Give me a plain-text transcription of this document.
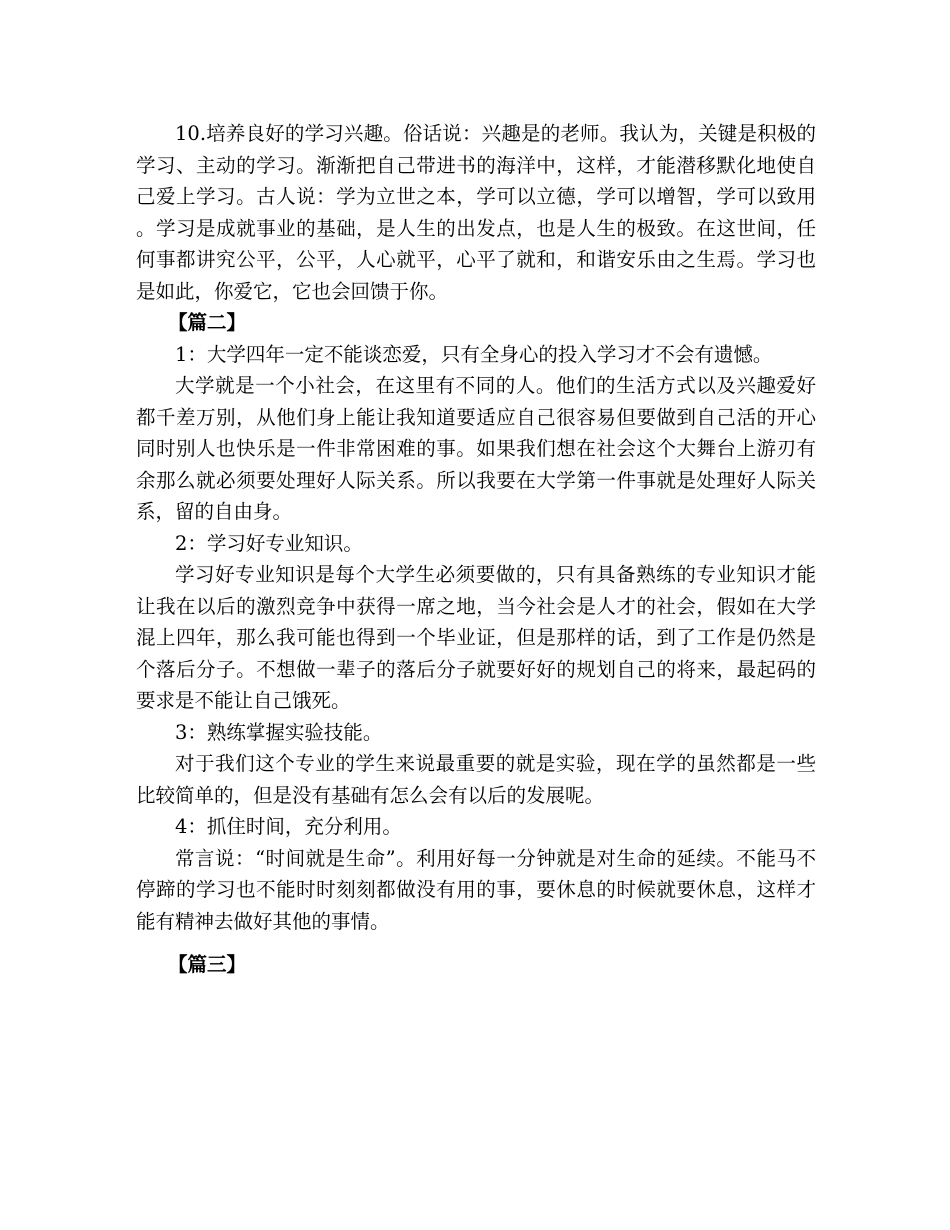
10.培养良好的学习兴趣。俗话说：兴趣是的老师。我认为，关键是积极的学习、主动的学习。渐渐把自己带进书的海洋中，这样，才能潜移默化地使自己爱上学习。古人说：学为立世之本，学可以立德，学可以增智，学可以致用。学习是成就事业的基础，是人生的出发点，也是人生的极致。在这世间，任何事都讲究公平，公平，人心就平，心平了就和，和谐安乐由之生焉。学习也是如此，你爱它，它也会回馈于你。

【篇二】

1：大学四年一定不能谈恋爱，只有全身心的投入学习才不会有遗憾。

大学就是一个小社会，在这里有不同的人。他们的生活方式以及兴趣爱好都千差万别，从他们身上能让我知道要适应自己很容易但要做到自己活的开心同时别人也快乐是一件非常困难的事。如果我们想在社会这个大舞台上游刃有余那么就必须要处理好人际关系。所以我要在大学第一件事就是处理好人际关系，留的自由身。

2：学习好专业知识。

学习好专业知识是每个大学生必须要做的，只有具备熟练的专业知识才能让我在以后的激烈竞争中获得一席之地，当今社会是人才的社会，假如在大学混上四年，那么我可能也得到一个毕业证，但是那样的话，到了工作是仍然是个落后分子。不想做一辈子的落后分子就要好好的规划自己的将来，最起码的要求是不能让自己饿死。

3：熟练掌握实验技能。

对于我们这个专业的学生来说最重要的就是实验，现在学的虽然都是一些比较简单的，但是没有基础有怎么会有以后的发展呢。

4：抓住时间，充分利用。

常言说：“时间就是生命”。利用好每一分钟就是对生命的延续。不能马不停蹄的学习也不能时时刻刻都做没有用的事，要休息的时候就要休息，这样才能有精神去做好其他的事情。

【篇三】
